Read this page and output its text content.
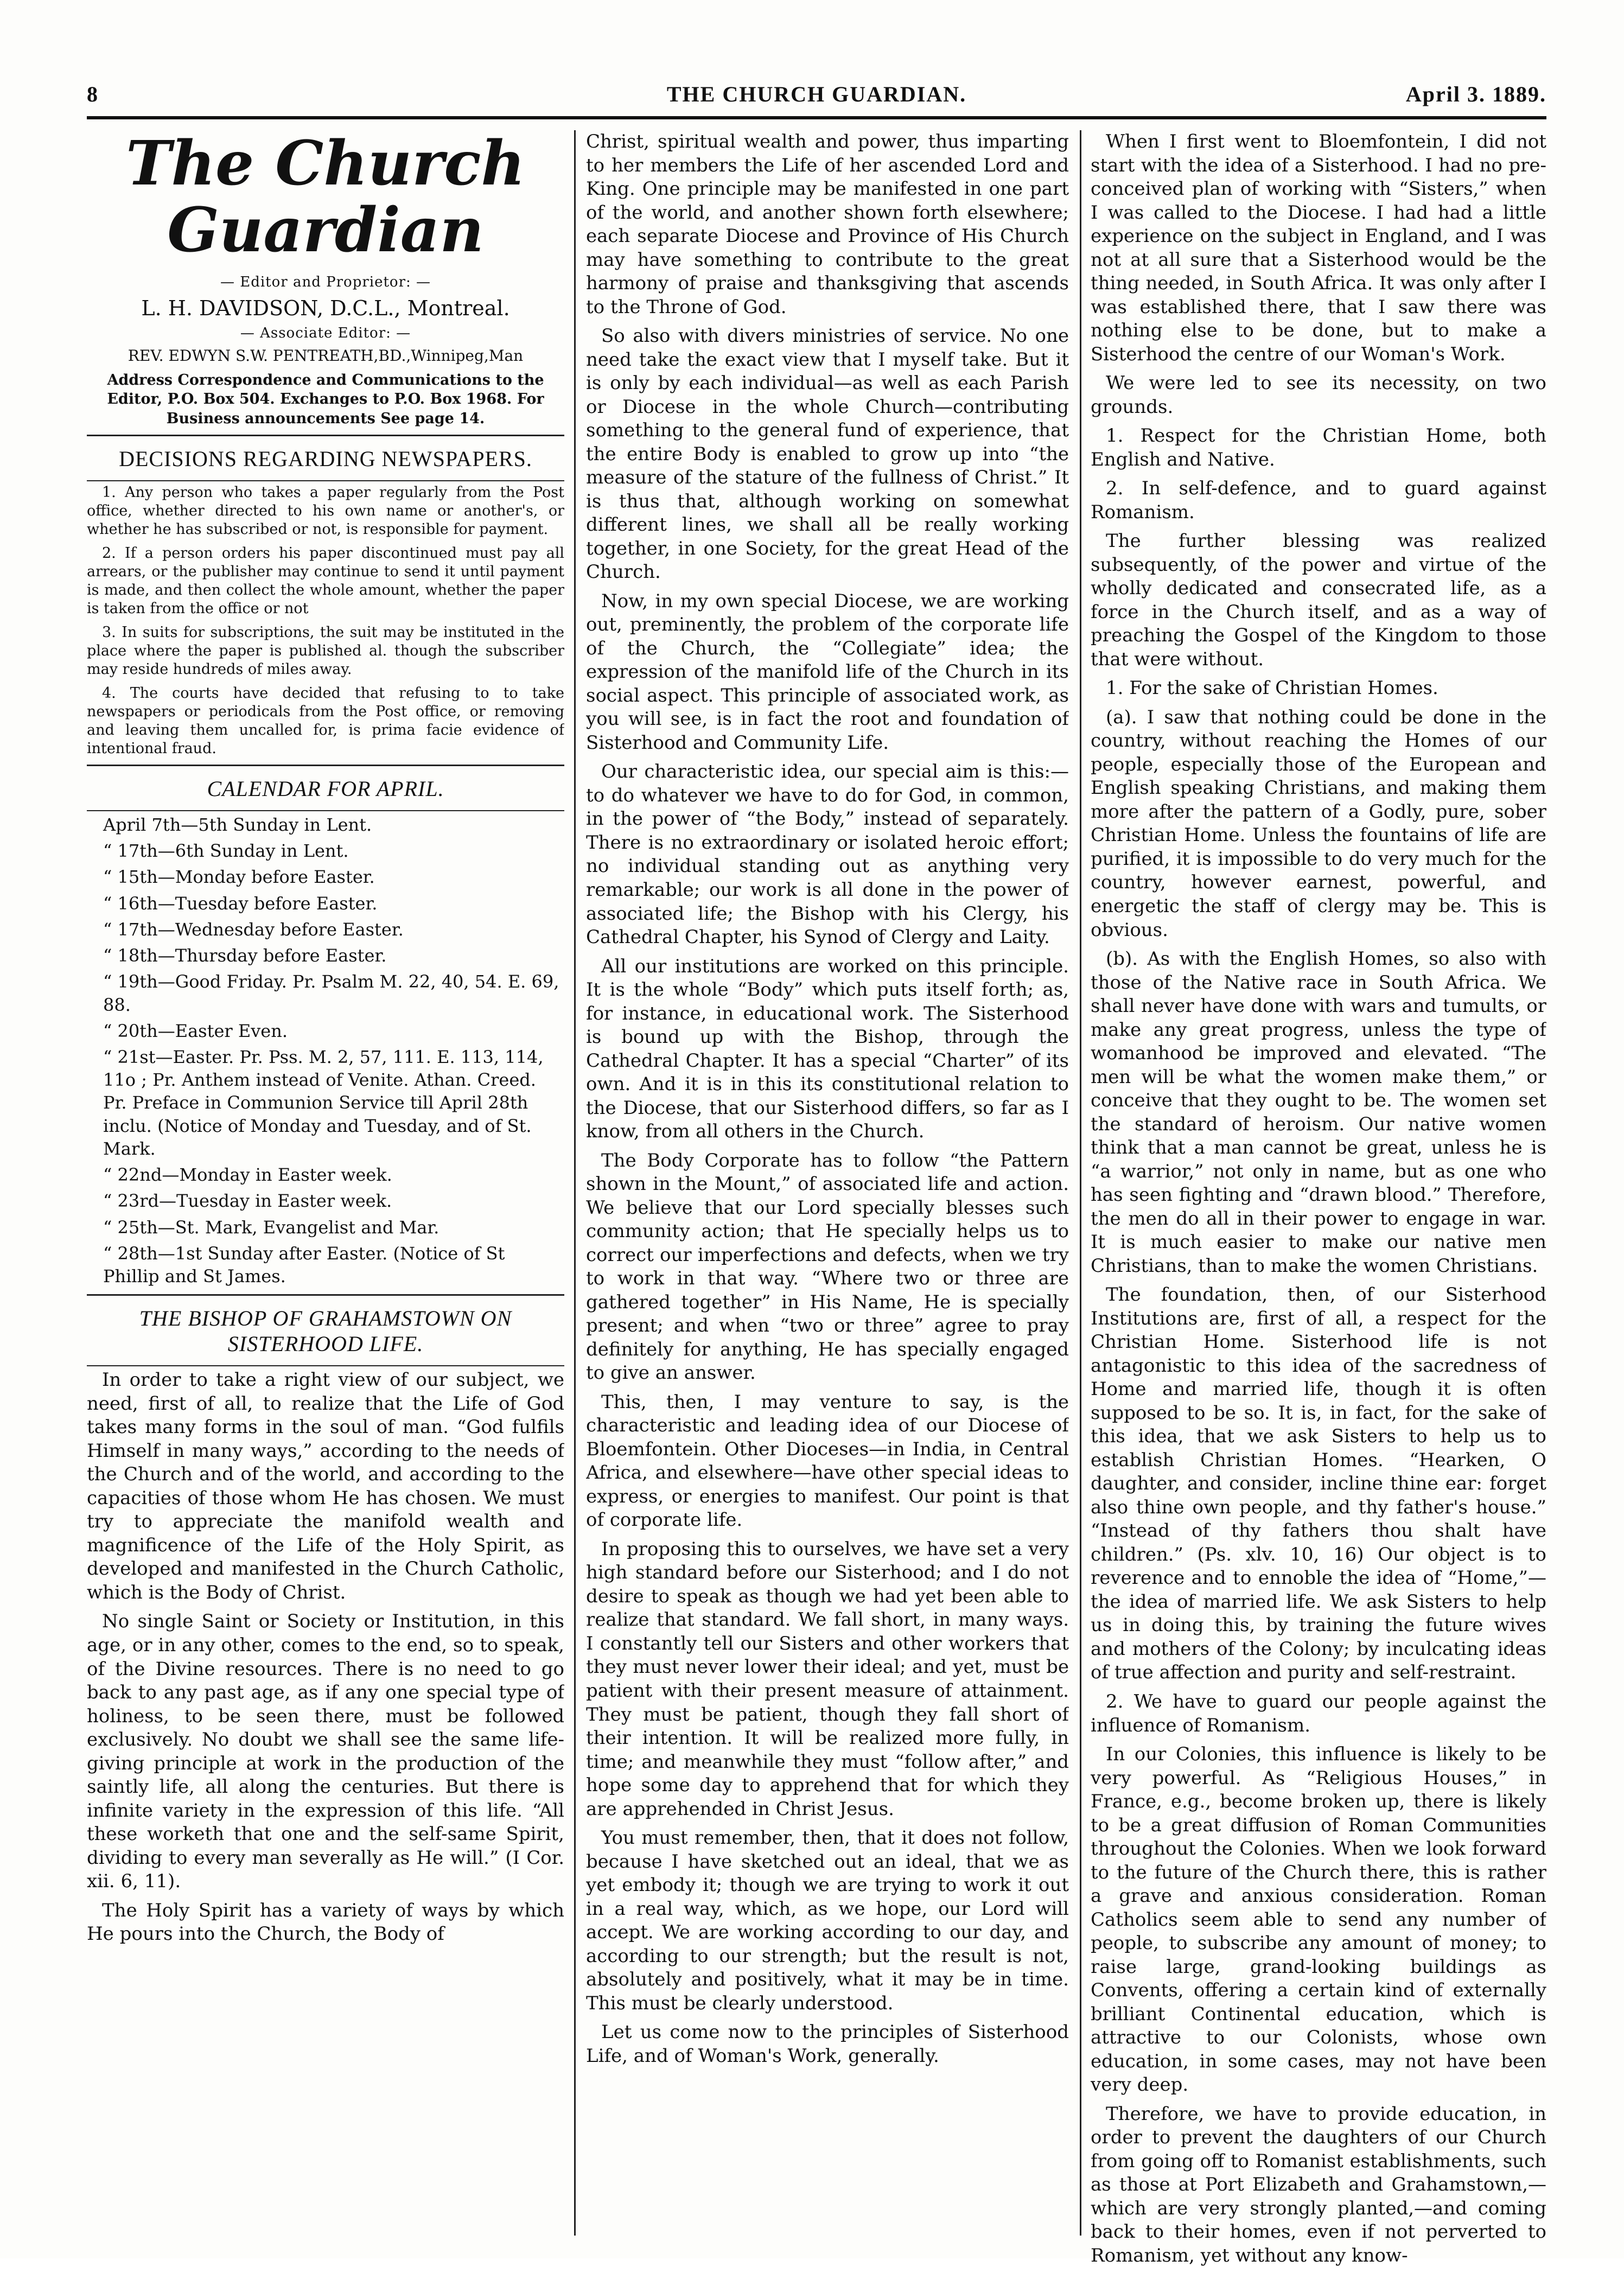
8	THE CHURCH GUARDIAN.	April 3. 1889.
The Church Guardian

— Editor and Proprietor: —

L. H. DAVIDSON, D.C.L., Montreal.

— Associate Editor: —

REV. EDWYN S.W. PENTREATH,BD.,Winnipeg,Man

Address Correspondence and Communications to the Editor, P.O. Box 504. Exchanges to P.O. Box 1968. For Business announcements See page 14.

DECISIONS REGARDING NEWSPAPERS.

1. Any person who takes a paper regularly from the Post office, whether directed to his own name or another's, or whether he has subscribed or not, is responsible for payment.

2. If a person orders his paper discontinued must pay all arrears, or the publisher may continue to send it until payment is made, and then collect the whole amount, whether the paper is taken from the office or not

3. In suits for subscriptions, the suit may be instituted in the place where the paper is published al. though the subscriber may reside hundreds of miles away.

4. The courts have decided that refusing to to take newspapers or periodicals from the Post office, or removing and leaving them uncalled for, is prima facie evidence of intentional fraud.

CALENDAR FOR APRIL.

April 7th—5th Sunday in Lent.

“ 17th—6th Sunday in Lent.

“ 15th—Monday before Easter.

“ 16th—Tuesday before Easter.

“ 17th—Wednesday before Easter.

“ 18th—Thursday before Easter.

“ 19th—Good Friday. Pr. Psalm M. 22, 40, 54. E. 69, 88.

“ 20th—Easter Even.

“ 21st—Easter. Pr. Pss. M. 2, 57, 111. E. 113, 114, 11o ; Pr. Anthem instead of Venite. Athan. Creed. Pr. Preface in Communion Service till April 28th inclu. (Notice of Monday and Tuesday, and of St. Mark.

“ 22nd—Monday in Easter week.

“ 23rd—Tuesday in Easter week.

“ 25th—St. Mark, Evangelist and Mar.

“ 28th—1st Sunday after Easter. (Notice of St Phillip and St James.

THE BISHOP OF GRAHAMSTOWN ON SISTERHOOD LIFE.

In order to take a right view of our subject, we need, first of all, to realize that the Life of God takes many forms in the soul of man. “God fulfils Himself in many ways,” according to the needs of the Church and of the world, and according to the capacities of those whom He has chosen. We must try to appreciate the manifold wealth and magnificence of the Life of the Holy Spirit, as developed and manifested in the Church Catholic, which is the Body of Christ.

No single Saint or Society or Institution, in this age, or in any other, comes to the end, so to speak, of the Divine resources. There is no need to go back to any past age, as if any one special type of holiness, to be seen there, must be followed exclusively. No doubt we shall see the same life-giving principle at work in the production of the saintly life, all along the centuries. But there is infinite variety in the expression of this life. “All these worketh that one and the self-same Spirit, dividing to every man severally as He will.” (I Cor. xii. 6, 11).

The Holy Spirit has a variety of ways by which He pours into the Church, the Body of

Christ, spiritual wealth and power, thus imparting to her members the Life of her ascended Lord and King. One principle may be manifested in one part of the world, and another shown forth elsewhere; each separate Diocese and Province of His Church may have something to contribute to the great harmony of praise and thanksgiving that ascends to the Throne of God.

So also with divers ministries of service. No one need take the exact view that I myself take. But it is only by each individual—as well as each Parish or Diocese in the whole Church—contributing something to the general fund of experience, that the entire Body is enabled to grow up into “the measure of the stature of the fullness of Christ.” It is thus that, although working on somewhat different lines, we shall all be really working together, in one Society, for the great Head of the Church.

Now, in my own special Diocese, we are working out, preminently, the problem of the corporate life of the Church, the “Collegiate” idea; the expression of the manifold life of the Church in its social aspect. This principle of associated work, as you will see, is in fact the root and foundation of Sisterhood and Community Life.

Our characteristic idea, our special aim is this:—to do whatever we have to do for God, in common, in the power of “the Body,” instead of separately. There is no extraordinary or isolated heroic effort; no individual standing out as anything very remarkable; our work is all done in the power of associated life; the Bishop with his Clergy, his Cathedral Chapter, his Synod of Clergy and Laity.

All our institutions are worked on this principle. It is the whole “Body” which puts itself forth; as, for instance, in educational work. The Sisterhood is bound up with the Bishop, through the Cathedral Chapter. It has a special “Charter” of its own. And it is in this its constitutional relation to the Diocese, that our Sisterhood differs, so far as I know, from all others in the Church.

The Body Corporate has to follow “the Pattern shown in the Mount,” of associated life and action. We believe that our Lord specially blesses such community action; that He specially helps us to correct our imperfections and defects, when we try to work in that way. “Where two or three are gathered together” in His Name, He is specially present; and when “two or three” agree to pray definitely for anything, He has specially engaged to give an answer.

This, then, I may venture to say, is the characteristic and leading idea of our Diocese of Bloemfontein. Other Dioceses—in India, in Central Africa, and elsewhere—have other special ideas to express, or energies to manifest. Our point is that of corporate life.

In proposing this to ourselves, we have set a very high standard before our Sisterhood; and I do not desire to speak as though we had yet been able to realize that standard. We fall short, in many ways. I constantly tell our Sisters and other workers that they must never lower their ideal; and yet, must be patient with their present measure of attainment. They must be patient, though they fall short of their intention. It will be realized more fully, in time; and meanwhile they must “follow after,” and hope some day to apprehend that for which they are apprehended in Christ Jesus.

You must remember, then, that it does not follow, because I have sketched out an ideal, that we as yet embody it; though we are trying to work it out in a real way, which, as we hope, our Lord will accept. We are working according to our day, and according to our strength; but the result is not, absolutely and positively, what it may be in time. This must be clearly understood.

Let us come now to the principles of Sisterhood Life, and of Woman's Work, generally.

When I first went to Bloemfontein, I did not start with the idea of a Sisterhood. I had no pre-conceived plan of working with “Sisters,” when I was called to the Diocese. I had had a little experience on the subject in England, and I was not at all sure that a Sisterhood would be the thing needed, in South Africa. It was only after I was established there, that I saw there was nothing else to be done, but to make a Sisterhood the centre of our Woman's Work.

We were led to see its necessity, on two grounds.

1. Respect for the Christian Home, both English and Native.

2. In self-defence, and to guard against Romanism.

The further blessing was realized subsequently, of the power and virtue of the wholly dedicated and consecrated life, as a force in the Church itself, and as a way of preaching the Gospel of the Kingdom to those that were without.

1. For the sake of Christian Homes.

(a). I saw that nothing could be done in the country, without reaching the Homes of our people, especially those of the European and English speaking Christians, and making them more after the pattern of a Godly, pure, sober Christian Home. Unless the fountains of life are purified, it is impossible to do very much for the country, however earnest, powerful, and energetic the staff of clergy may be. This is obvious.

(b). As with the English Homes, so also with those of the Native race in South Africa. We shall never have done with wars and tumults, or make any great progress, unless the type of womanhood be improved and elevated. “The men will be what the women make them,” or conceive that they ought to be. The women set the standard of heroism. Our native women think that a man cannot be great, unless he is “a warrior,” not only in name, but as one who has seen fighting and “drawn blood.” Therefore, the men do all in their power to engage in war. It is much easier to make our native men Christians, than to make the women Christians.

The foundation, then, of our Sisterhood Institutions are, first of all, a respect for the Christian Home. Sisterhood life is not antagonistic to this idea of the sacredness of Home and married life, though it is often supposed to be so. It is, in fact, for the sake of this idea, that we ask Sisters to help us to establish Christian Homes. “Hearken, O daughter, and consider, incline thine ear: forget also thine own people, and thy father's house.” “Instead of thy fathers thou shalt have children.” (Ps. xlv. 10, 16) Our object is to reverence and to ennoble the idea of “Home,”—the idea of married life. We ask Sisters to help us in doing this, by training the future wives and mothers of the Colony; by inculcating ideas of true affection and purity and self-restraint.

2. We have to guard our people against the influence of Romanism.

In our Colonies, this influence is likely to be very powerful. As “Religious Houses,” in France, e.g., become broken up, there is likely to be a great diffusion of Roman Communities throughout the Colonies. When we look forward to the future of the Church there, this is rather a grave and anxious consideration. Roman Catholics seem able to send any number of people, to subscribe any amount of money; to raise large, grand-looking buildings as Convents, offering a certain kind of externally brilliant Continental education, which is attractive to our Colonists, whose own education, in some cases, may not have been very deep.

Therefore, we have to provide education, in order to prevent the daughters of our Church from going off to Romanist establishments, such as those at Port Elizabeth and Grahamstown,—which are very strongly planted,—and coming back to their homes, even if not perverted to Romanism, yet without any know-
